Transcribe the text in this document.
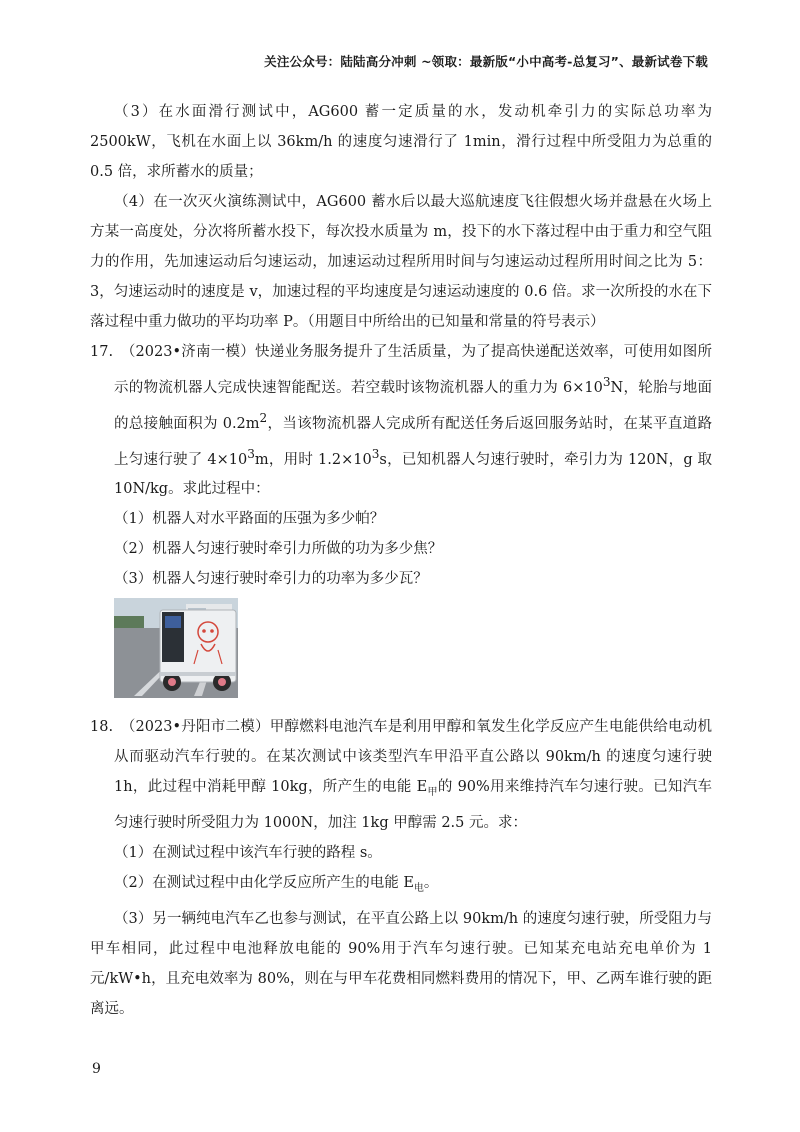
关注公众号：陆陆高分冲刺 ~领取：最新版“小中高考-总复习”、最新试卷下载

（3）在水面滑行测试中，AG600 蓄一定质量的水，发动机牵引力的实际总功率为 2500kW，飞机在水面上以 36km/h 的速度匀速滑行了 1min，滑行过程中所受阻力为总重的 0.5 倍，求所蓄水的质量；

（4）在一次灭火演练测试中，AG600 蓄水后以最大巡航速度飞往假想火场并盘悬在火场上方某一高度处，分次将所蓄水投下，每次投水质量为 m，投下的水下落过程中由于重力和空气阻力的作用，先加速运动后匀速运动，加速运动过程所用时间与匀速运动过程所用时间之比为 5：3，匀速运动时的速度是 v，加速过程的平均速度是匀速运动速度的 0.6 倍。求一次所投的水在下落过程中重力做功的平均功率 P。（用题目中所给出的已知量和常量的符号表示）

17.　 （2023•济南一模）快递业务服务提升了生活质量，为了提高快递配送效率，可使用如图所示的物流机器人完成快速智能配送。若空载时该物流机器人的重力为 $6\times 10^3N$，轮胎与地面的总接触面积为 $0.2m^2$，当该物流机器人完成所有配送任务后返回服务站时，在某平直道路上匀速行驶了 $4\times 10^3m$，用时 $1.2\times 10^3s$，已知机器人匀速行驶时，牵引力为 120N，g 取 10N/kg。求此过程中：

（1）机器人对水平路面的压强为多少帕？

（2）机器人匀速行驶时牵引力所做的功为多少焦？

（3）机器人匀速行驶时牵引力的功率为多少瓦？

18.　 （2023•丹阳市二模）甲醇燃料电池汽车是利用甲醇和氧发生化学反应产生电能供给电动机从而驱动汽车行驶的。在某次测试中该类型汽车甲沿平直公路以 90km/h 的速度匀速行驶 1h，此过程中消耗甲醇 10kg，所产生的电能 $E_甲$的 90%用来维持汽车匀速行驶。已知汽车匀速行驶时所受阻力为 1000N，加注 1kg 甲醇需 2.5 元。求：

（1）在测试过程中该汽车行驶的路程 s。

（2）在测试过程中由化学反应所产生的电能 $E_电$。

（3）另一辆纯电汽车乙也参与测试，在平直公路上以 90km/h 的速度匀速行驶，所受阻力与甲车相同，此过程中电池释放电能的 90%用于汽车匀速行驶。已知某充电站充电单价为 1 元/kW•h，且充电效率为 80%，则在与甲车花费相同燃料费用的情况下，甲、乙两车谁行驶的距离远。

9
